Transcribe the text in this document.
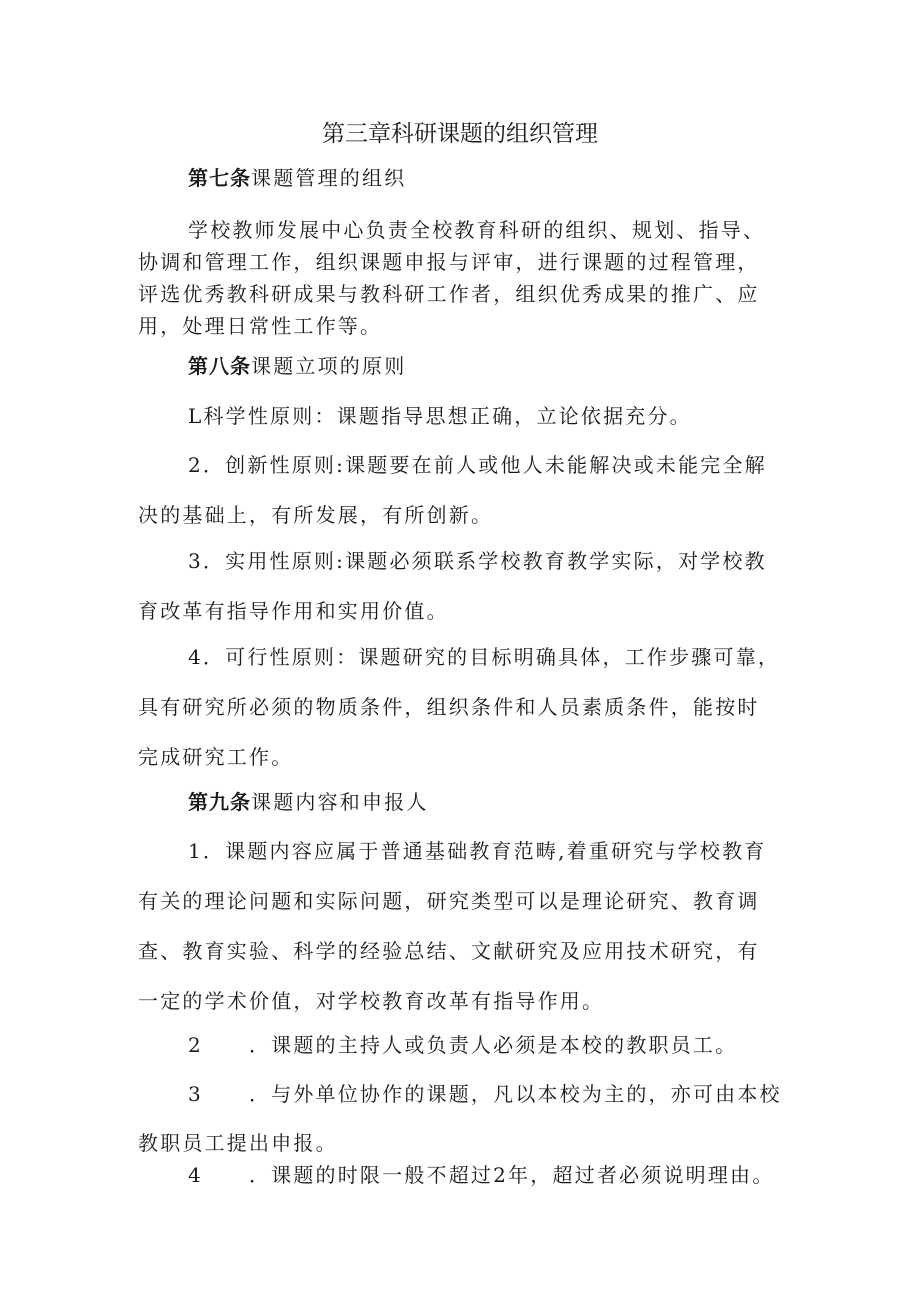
第三章科研课题的组织管理
第七条课题管理的组织
学校教师发展中心负责全校教育科研的组织、规划、指导、
协调和管理工作，组织课题申报与评审，进行课题的过程管理，
评选优秀教科研成果与教科研工作者，组织优秀成果的推广、应
用，处理日常性工作等。
第八条课题立项的原则
L科学性原则：课题指导思想正确，立论依据充分。
2．创新性原则:课题要在前人或他人未能解决或未能完全解
决的基础上，有所发展，有所创新。
3．实用性原则:课题必须联系学校教育教学实际，对学校教
育改革有指导作用和实用价值。
4．可行性原则：课题研究的目标明确具体，工作步骤可靠，
具有研究所必须的物质条件，组织条件和人员素质条件，能按时
完成研究工作。
第九条课题内容和申报人
1．课题内容应属于普通基础教育范畴,着重研究与学校教育
有关的理论问题和实际问题，研究类型可以是理论研究、教育调
查、教育实验、科学的经验总结、文献研究及应用技术研究，有
一定的学术价值，对学校教育改革有指导作用。
2 ．课题的主持人或负责人必须是本校的教职员工。
3 ．与外单位协作的课题，凡以本校为主的，亦可由本校
教职员工提出申报。
4 ．课题的时限一般不超过2年，超过者必须说明理由。
